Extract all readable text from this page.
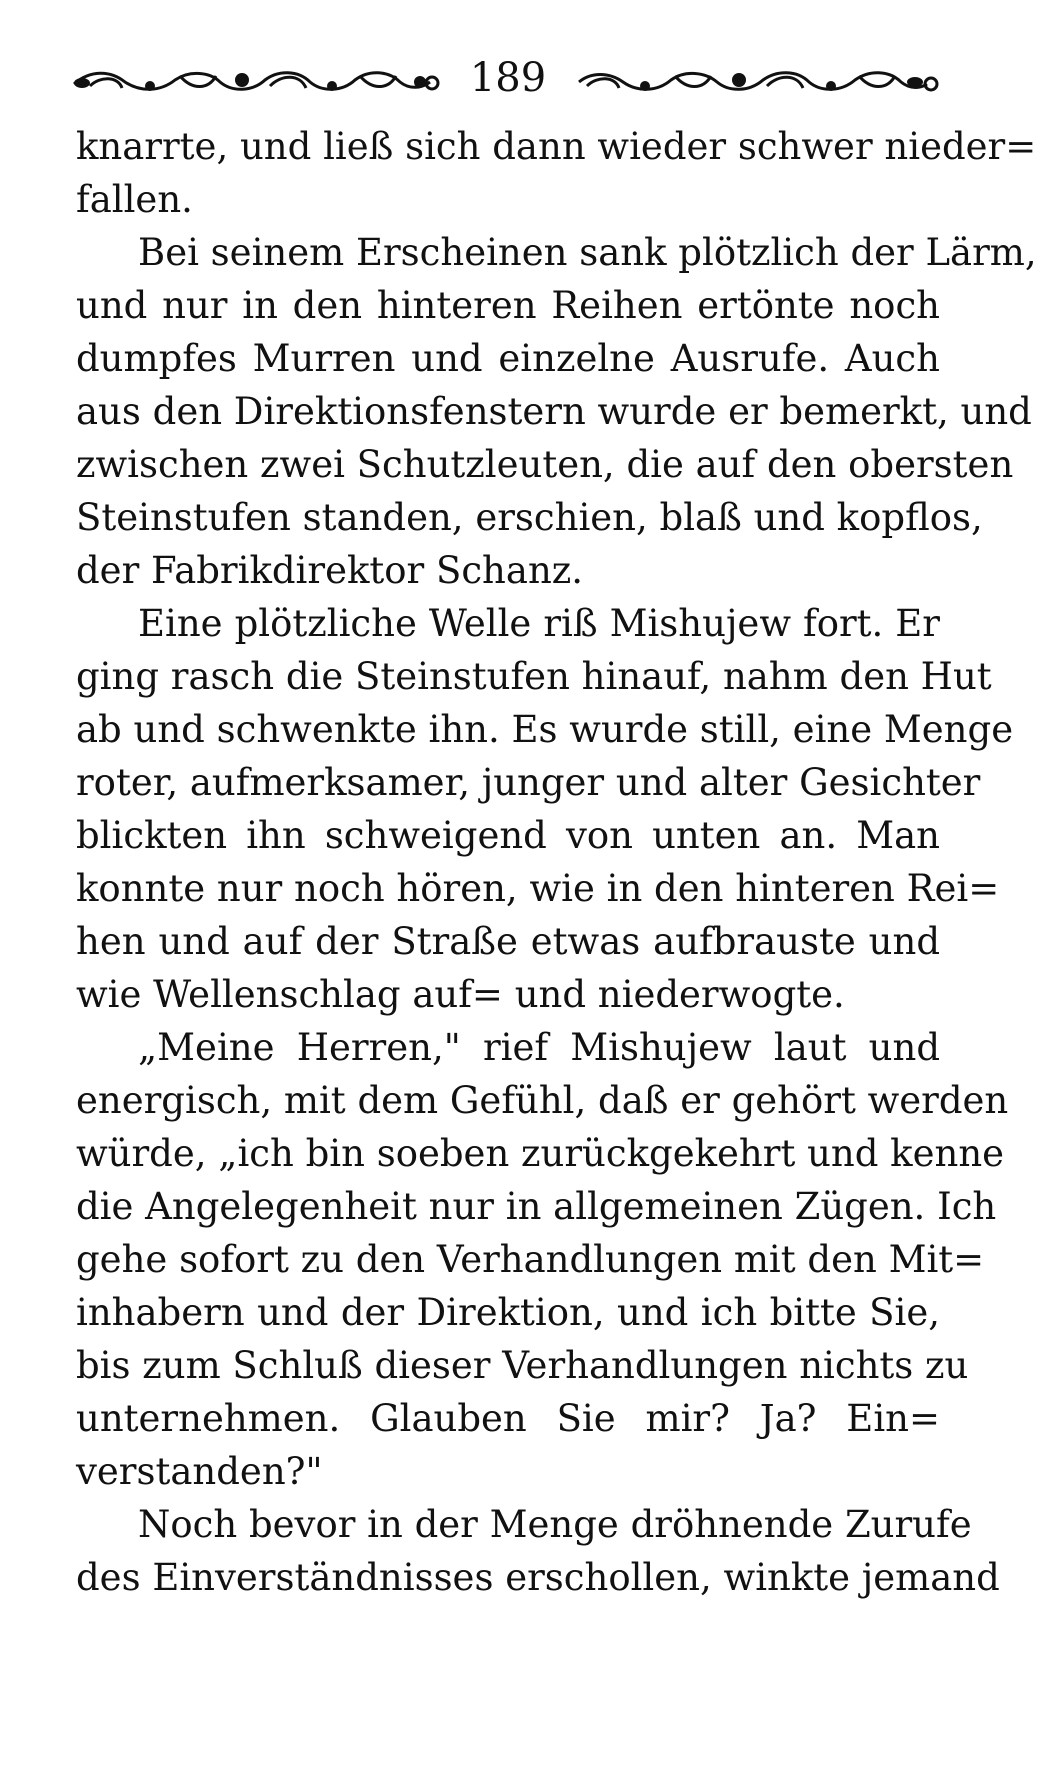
189
knarrte, und ließ sich dann wieder schwer nieder=
fallen.
Bei seinem Erscheinen sank plötzlich der Lärm,
und nur in den hinteren Reihen ertönte noch
dumpfes Murren und einzelne Ausrufe. Auch
aus den Direktionsfenstern wurde er bemerkt, und
zwischen zwei Schutzleuten, die auf den obersten
Steinstufen standen, erschien, blaß und kopflos,
der Fabrikdirektor Schanz.
Eine plötzliche Welle riß Mishujew fort. Er
ging rasch die Steinstufen hinauf, nahm den Hut
ab und schwenkte ihn. Es wurde still, eine Menge
roter, aufmerksamer, junger und alter Gesichter
blickten ihn schweigend von unten an. Man
konnte nur noch hören, wie in den hinteren Rei=
hen und auf der Straße etwas aufbrauste und
wie Wellenschlag auf= und niederwogte.
„Meine Herren," rief Mishujew laut und
energisch, mit dem Gefühl, daß er gehört werden
würde, „ich bin soeben zurückgekehrt und kenne
die Angelegenheit nur in allgemeinen Zügen. Ich
gehe sofort zu den Verhandlungen mit den Mit=
inhabern und der Direktion, und ich bitte Sie,
bis zum Schluß dieser Verhandlungen nichts zu
unternehmen. Glauben Sie mir? Ja? Ein=
verstanden?"
Noch bevor in der Menge dröhnende Zurufe
des Einverständnisses erschollen, winkte jemand
